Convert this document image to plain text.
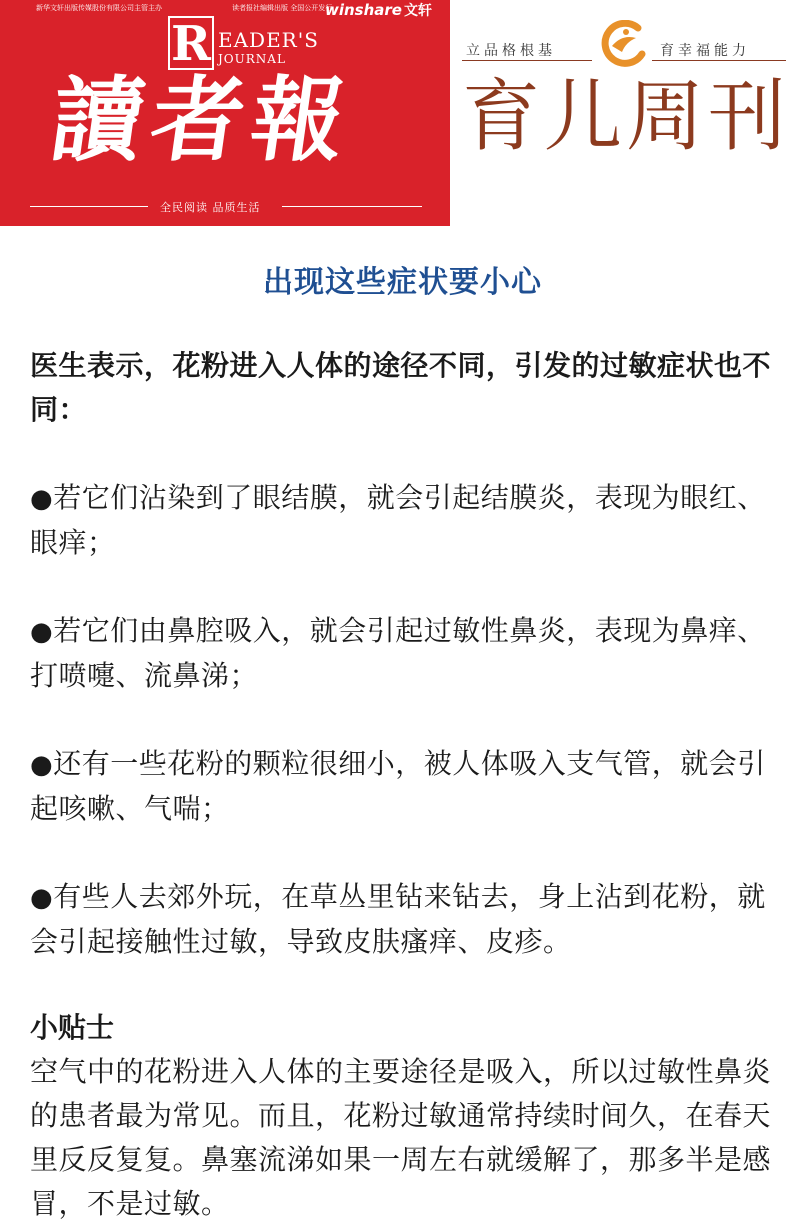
新华文轩出版传媒股份有限公司主管主办	读者报社编辑出版 全国公开发行
winshare 文轩
R EADER'S
JOURNAL
讀者報
全民阅读 品质生活
立品格根基	育幸福能力
育儿周刊
出现这些症状要小心

医生表示，花粉进入人体的途径不同，引发的过敏症状也不同：

●若它们沾染到了眼结膜，就会引起结膜炎，表现为眼红、眼痒；
●若它们由鼻腔吸入，就会引起过敏性鼻炎，表现为鼻痒、打喷嚏、流鼻涕；
●还有一些花粉的颗粒很细小，被人体吸入支气管，就会引起咳嗽、气喘；
●有些人去郊外玩，在草丛里钻来钻去，身上沾到花粉，就会引起接触性过敏，导致皮肤瘙痒、皮疹。

小贴士

空气中的花粉进入人体的主要途径是吸入，所以过敏性鼻炎的患者最为常见。而且，花粉过敏通常持续时间久，在春天里反反复复。鼻塞流涕如果一周左右就缓解了，那多半是感冒，不是过敏。
